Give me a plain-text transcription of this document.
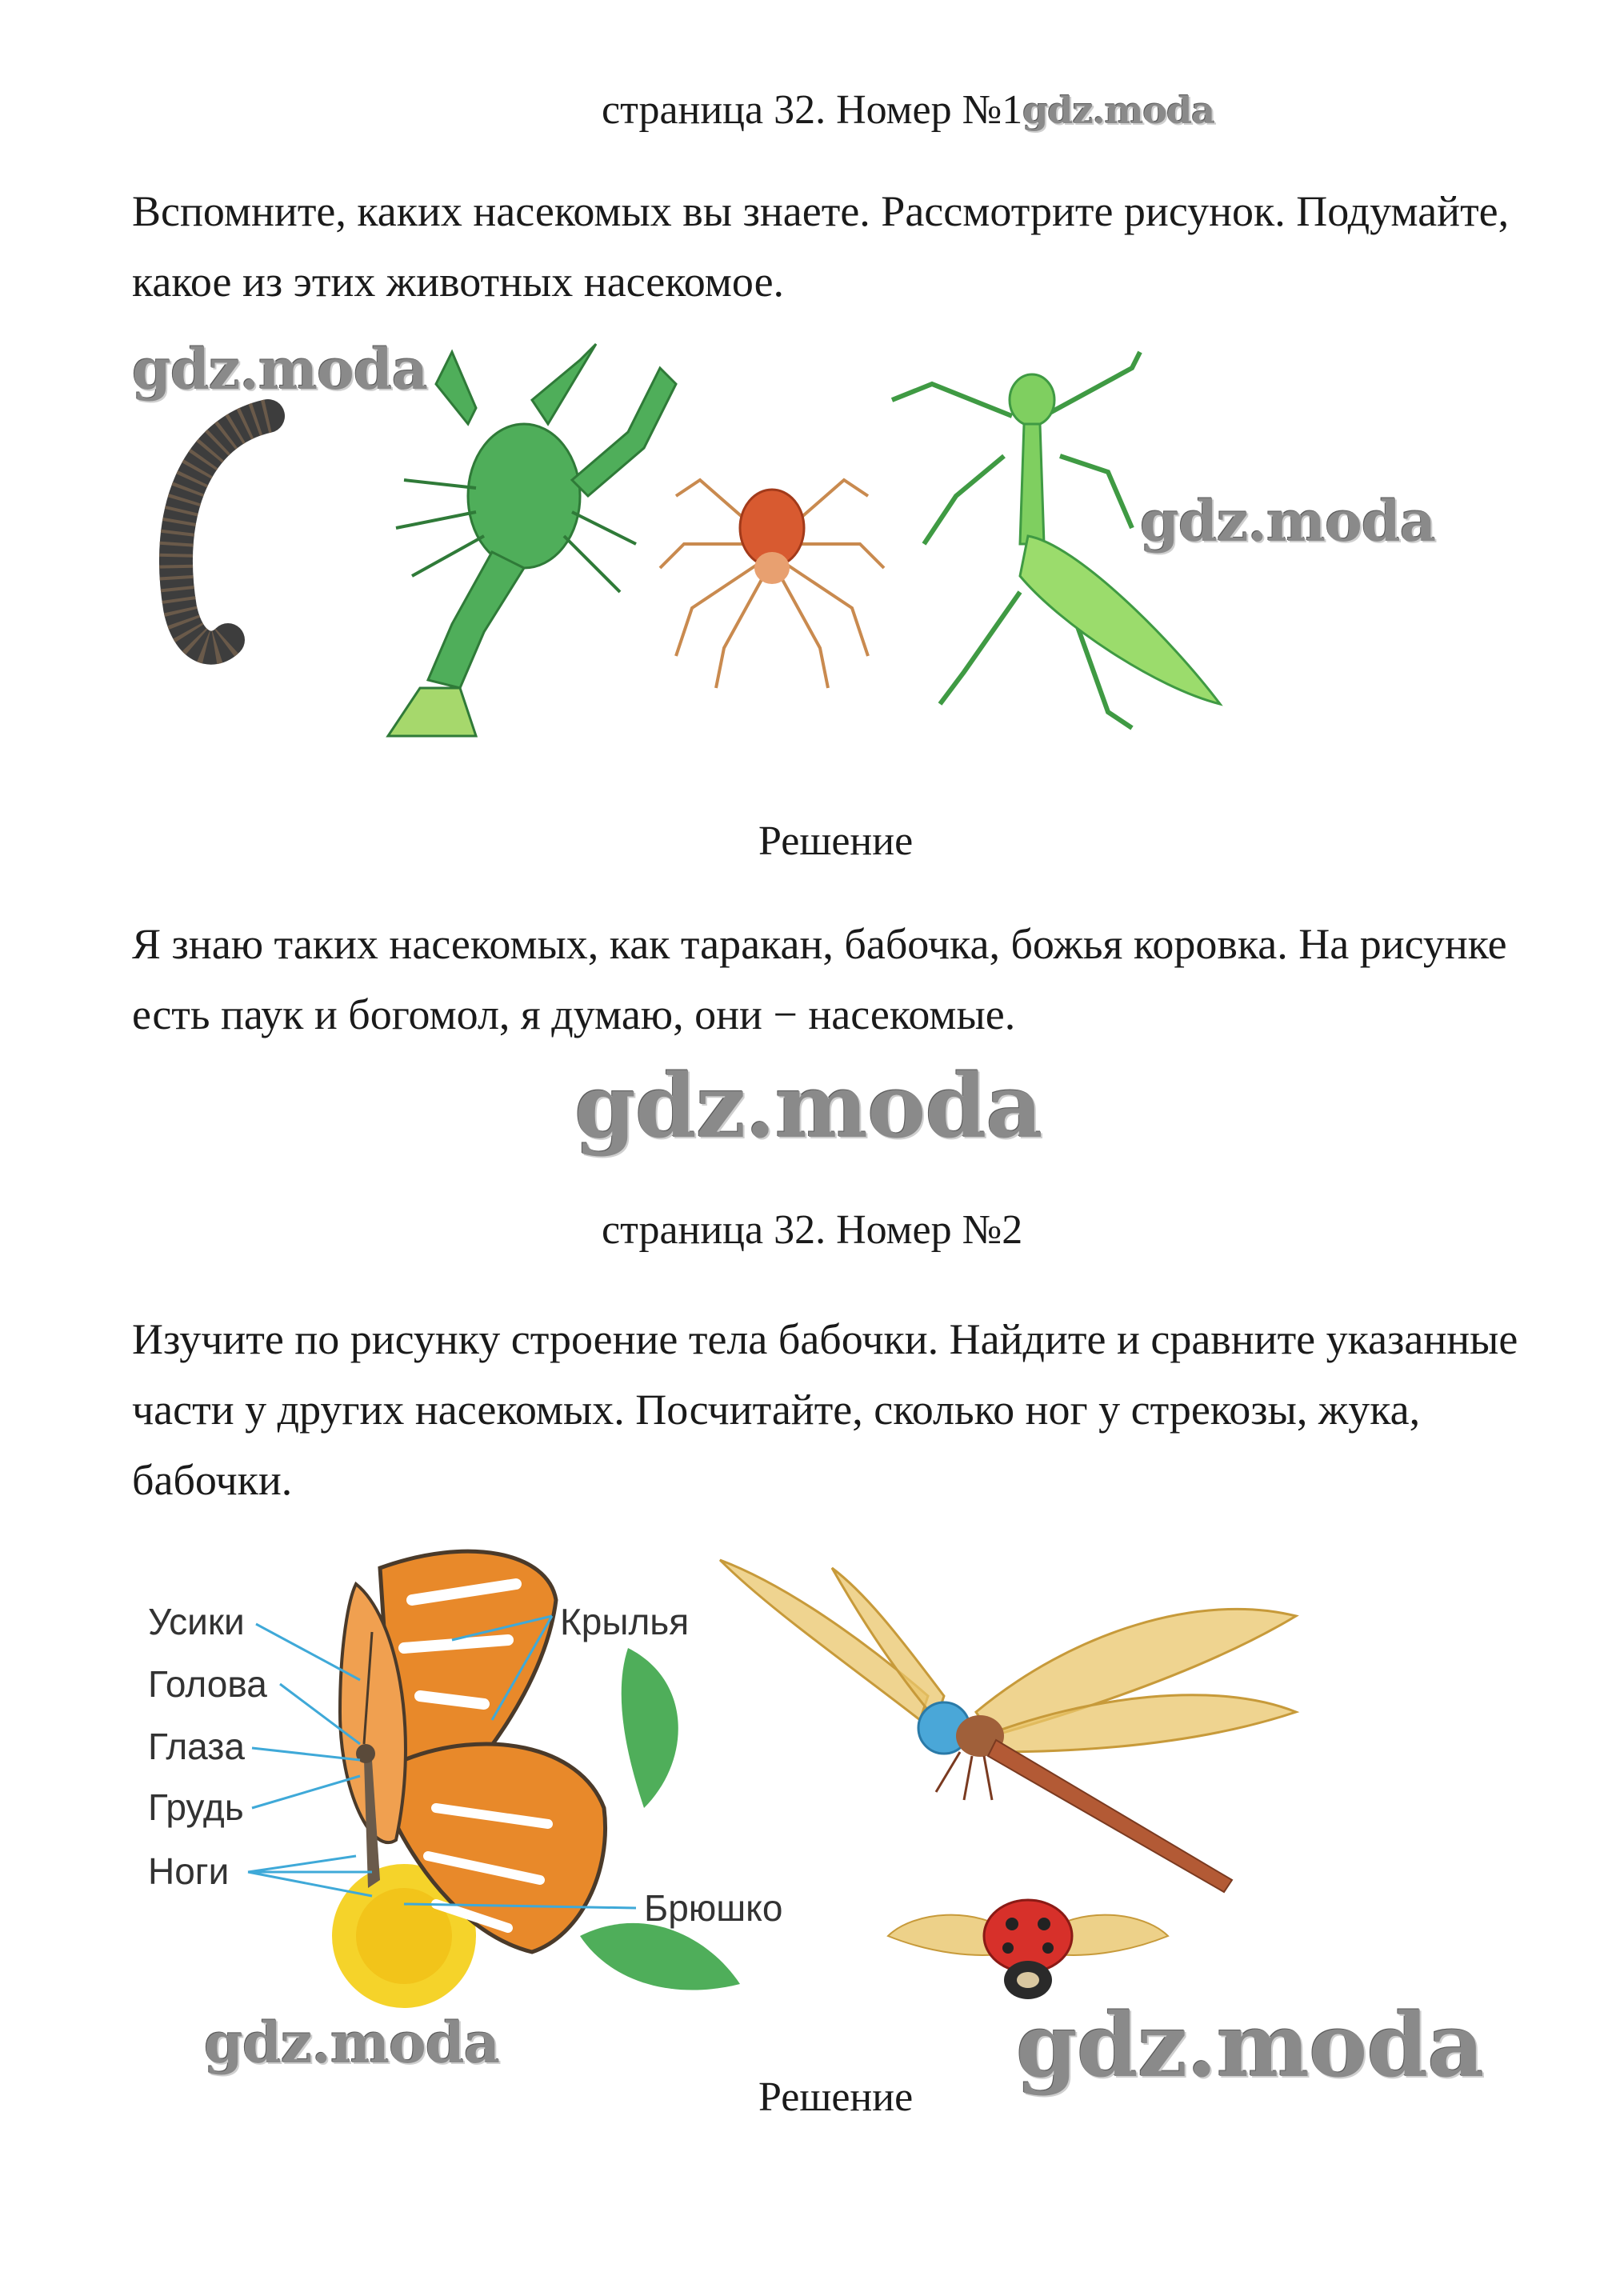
страница 32. Номер №1gdz.moda
Вспомните, каких насекомых вы знаете. Рассмотрите рисунок. Подумайте, какое из этих животных насекомое.
gdz.moda
gdz.moda
Решение
Я знаю таких насекомых, как таракан, бабочка, божья коровка. На рисунке есть паук и богомол, я думаю, они − насекомые.
gdz.moda
страница 32. Номер №2
Изучите по рисунку строение тела бабочки. Найдите и сравните указанные части у других насекомых. Посчитайте, сколько ног у стрекозы, жука, бабочки.
Усики
Голова
Глаза
Грудь
Ноги
Крылья
Брюшко
gdz.moda	gdz.moda
Решение
